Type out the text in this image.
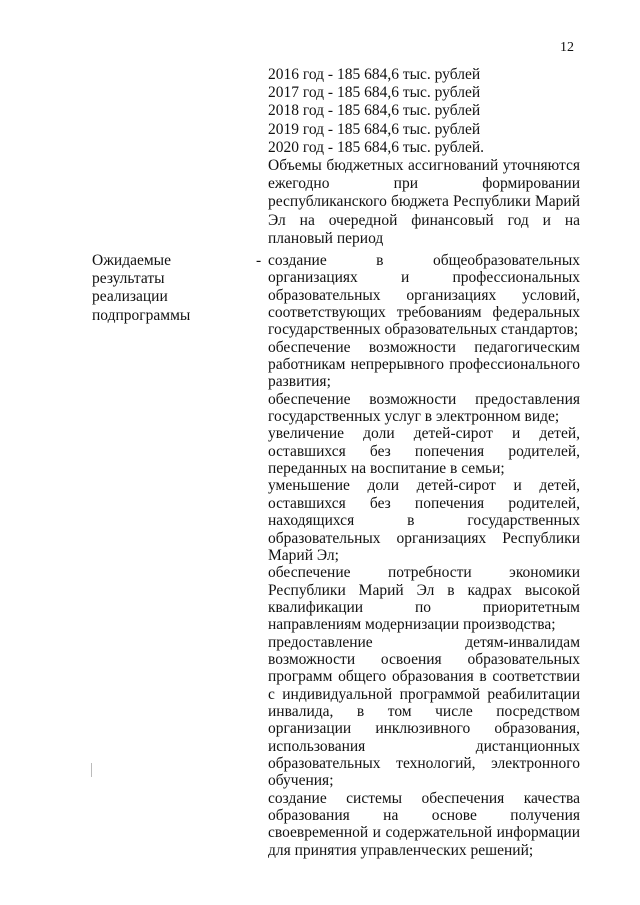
12
2016 год - 185 684,6 тыс. рублей
2017 год - 185 684,6 тыс. рублей
2018 год - 185 684,6 тыс. рублей
2019 год - 185 684,6 тыс. рублей
2020 год - 185 684,6 тыс. рублей.
Объемы бюджетных ассигнований уточняются ежегодно при формировании республиканского бюджета Республики Марий Эл на очередной финансовый год и на плановый период
Ожидаемые результаты реализации подпрограммы
- создание в общеобразовательных организациях и профессиональных образовательных организациях условий, соответствующих требованиям федеральных государственных образовательных стандартов;
обеспечение возможности педагогическим работникам непрерывного профессионального развития;
обеспечение возможности предоставления государственных услуг в электронном виде;
увеличение доли детей-сирот и детей, оставшихся без попечения родителей, переданных на воспитание в семьи;
уменьшение доли детей-сирот и детей, оставшихся без попечения родителей, находящихся в государственных образовательных организациях Республики Марий Эл;
обеспечение потребности экономики Республики Марий Эл в кадрах высокой квалификации по приоритетным направлениям модернизации производства;
предоставление детям-инвалидам возможности освоения образовательных программ общего образования в соответствии с индивидуальной программой реабилитации инвалида, в том числе посредством организации инклюзивного образования, использования дистанционных образовательных технологий, электронного обучения;
создание системы обеспечения качества образования на основе получения своевременной и содержательной информации для принятия управленческих решений;
